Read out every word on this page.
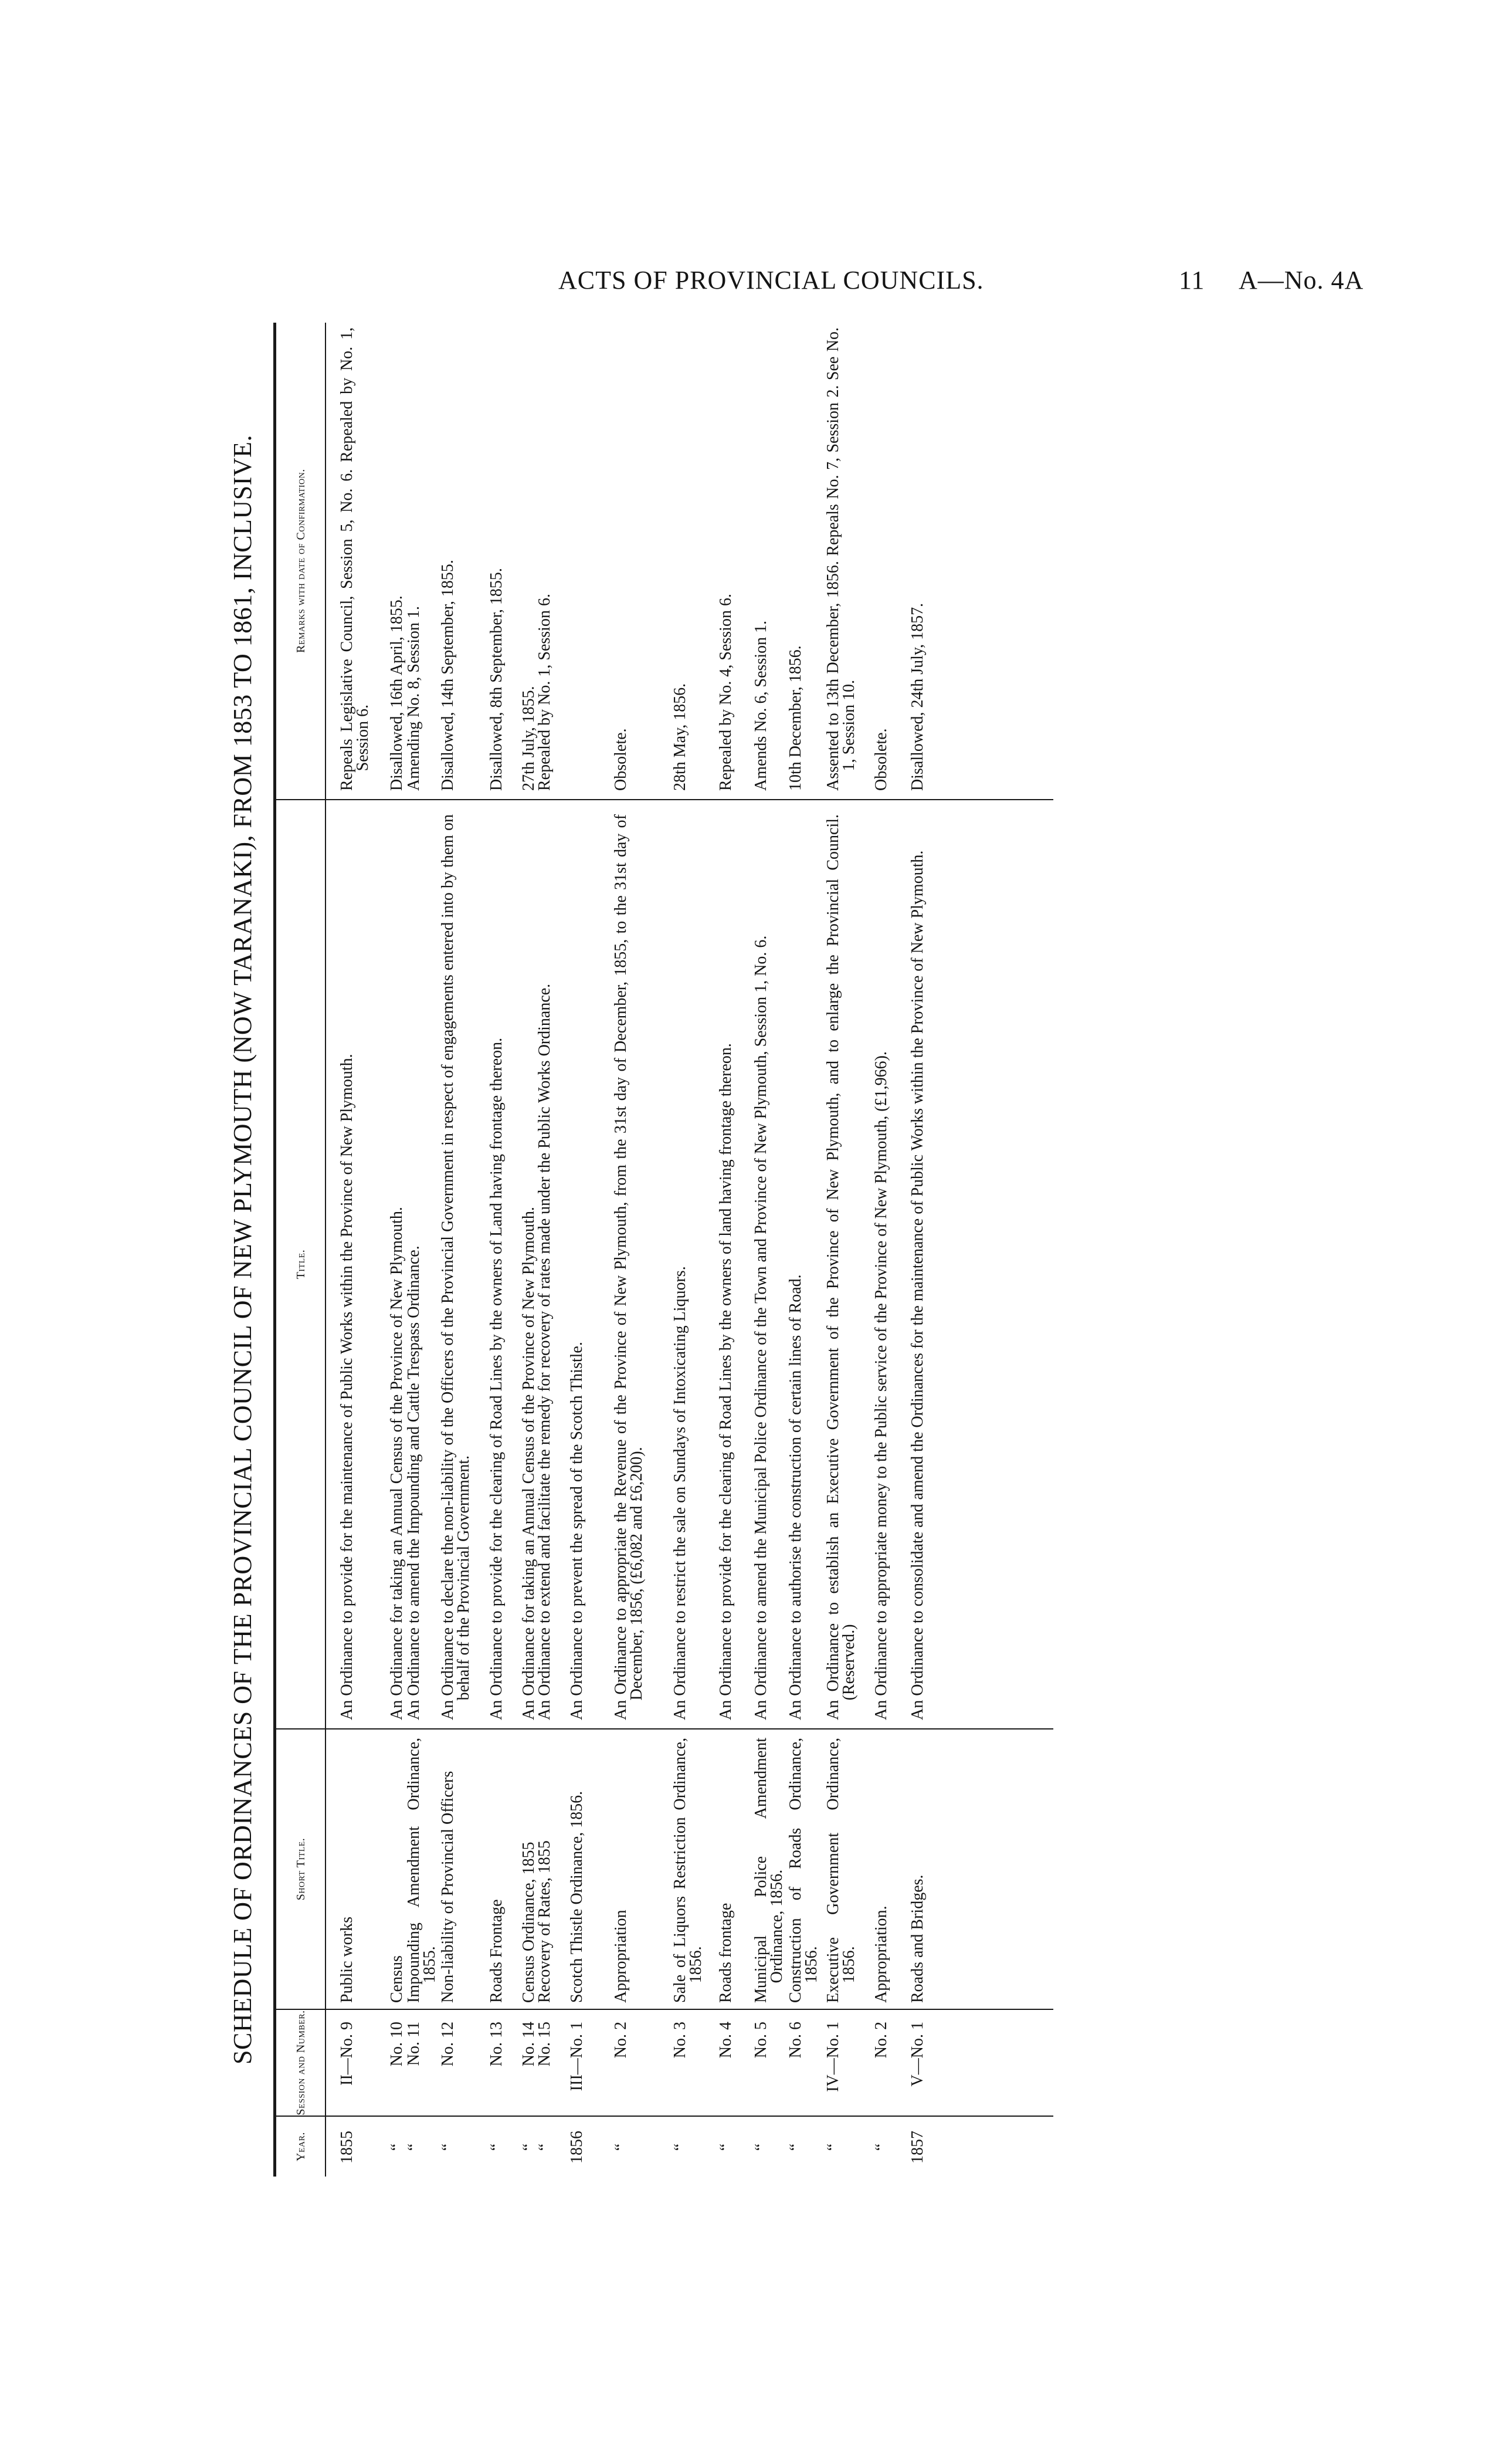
ACTS OF PROVINCIAL COUNCILS.	11 A—No. 4A
SCHEDULE OF ORDINANCES OF THE PROVINCIAL COUNCIL OF NEW PLYMOUTH (NOW TARANAKI), FROM 1853 TO 1861, INCLUSIVE.
Year.
Session and Number.
Short Title.
Title.
Remarks with date of Confirmation.
1855
II—No. 9
Public works
An Ordinance to provide for the maintenance of Public Works within the Province of New Plymouth.
Repeals Legislative Council, Session 5, No. 6. Repealed by No. 1, Session 6.
“
No. 10
Census
An Ordinance for taking an Annual Census of the Province of New Plymouth.
Disallowed, 16th April, 1855.
“
No. 11
Impounding Amendment Ordinance, 1855.
An Ordinance to amend the Impounding and Cattle Trespass Ordinance.
Amending No. 8, Session 1.
“
No. 12
Non-liability of Provincial Officers
An Ordinance to declare the non-liability of the Officers of the Provincial Government in respect of engagements entered into by them on behalf of the Provincial Government.
Disallowed, 14th September, 1855.
“
No. 13
Roads Frontage
An Ordinance to provide for the clearing of Road Lines by the owners of Land having frontage thereon.
Disallowed, 8th September, 1855.
“
No. 14
Census Ordinance, 1855
An Ordinance for taking an Annual Census of the Province of New Plymouth.
27th July, 1855.
“
No. 15
Recovery of Rates, 1855
An Ordinance to extend and facilitate the remedy for recovery of rates made under the Public Works Ordinance.
Repealed by No. 1, Session 6.
1856
III—No. 1
Scotch Thistle Ordinance, 1856.
An Ordinance to prevent the spread of the Scotch Thistle.
“
No. 2
Appropriation
An Ordinance to appropriate the Revenue of the Province of New Plymouth, from the 31st day of December, 1855, to the 31st day of December, 1856, (£6,082 and £6,200).
Obsolete.
“
No. 3
Sale of Liquors Restriction Ordinance, 1856.
An Ordinance to restrict the sale on Sundays of Intoxicating Liquors.
28th May, 1856.
“
No. 4
Roads frontage
An Ordinance to provide for the clearing of Road Lines by the owners of land having frontage thereon.
Repealed by No. 4, Session 6.
“
No. 5
Municipal Police Amendment Ordinance, 1856.
An Ordinance to amend the Municipal Police Ordinance of the Town and Province of New Plymouth, Session 1, No. 6.
Amends No. 6, Session 1.
“
No. 6
Construction of Roads Ordinance, 1856.
An Ordinance to authorise the construction of certain lines of Road.
10th December, 1856.
“
IV—No. 1
Executive Government Ordinance, 1856.
An Ordinance to establish an Executive Government of the Province of New Plymouth, and to enlarge the Provincial Council. (Reserved.)
Assented to 13th December, 1856. Repeals No. 7, Session 2. See No. 1, Session 10.
“
No. 2
Appropriation.
An Ordinance to appropriate money to the Public service of the Province of New Plymouth, (£1,966).
Obsolete.
1857
V—No. 1
Roads and Bridges.
An Ordinance to consolidate and amend the Ordinances for the maintenance of Public Works within the Province of New Plymouth.
Disallowed, 24th July, 1857.
